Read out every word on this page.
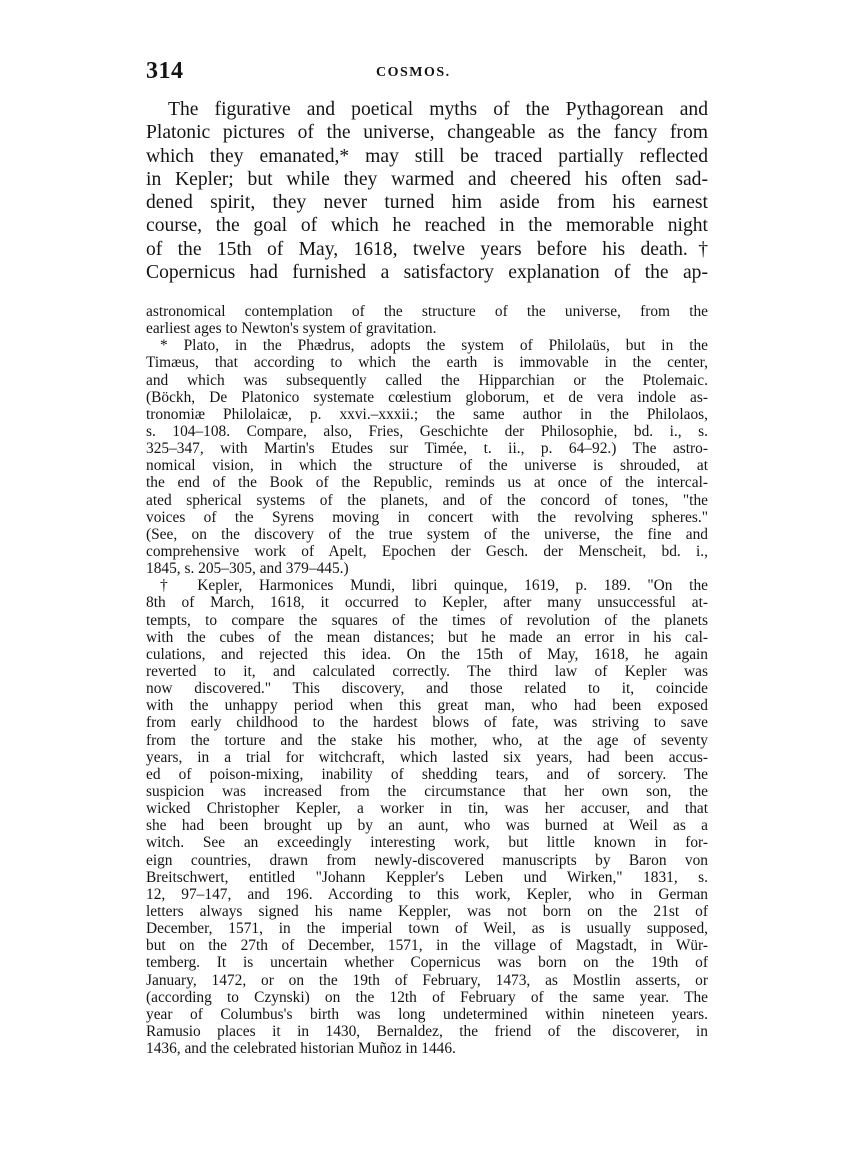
314	COSMOS.
The figurative and poetical myths of the Pythagorean and
Platonic pictures of the universe, changeable as the fancy from
which they emanated,* may still be traced partially reflected
in Kepler; but while they warmed and cheered his often sad-
dened spirit, they never turned him aside from his earnest
course, the goal of which he reached in the memorable night
of the 15th of May, 1618, twelve years before his death.†
Copernicus had furnished a satisfactory explanation of the ap-
astronomical contemplation of the structure of the universe, from the
earliest ages to Newton's system of gravitation.
* Plato, in the Phædrus, adopts the system of Philolaüs, but in the
Timæus, that according to which the earth is immovable in the center,
and which was subsequently called the Hipparchian or the Ptolemaic.
(Böckh, De Platonico systemate cœlestium globorum, et de vera indole as-
tronomiæ Philolaicæ, p. xxvi.–xxxii.; the same author in the Philolaos,
s. 104–108. Compare, also, Fries, Geschichte der Philosophie, bd. i., s.
325–347, with Martin's Etudes sur Timée, t. ii., p. 64–92.) The astro-
nomical vision, in which the structure of the universe is shrouded, at
the end of the Book of the Republic, reminds us at once of the intercal-
ated spherical systems of the planets, and of the concord of tones, "the
voices of the Syrens moving in concert with the revolving spheres."
(See, on the discovery of the true system of the universe, the fine and
comprehensive work of Apelt, Epochen der Gesch. der Menscheit, bd. i.,
1845, s. 205–305, and 379–445.)
† Kepler, Harmonices Mundi, libri quinque, 1619, p. 189. "On the
8th of March, 1618, it occurred to Kepler, after many unsuccessful at-
tempts, to compare the squares of the times of revolution of the planets
with the cubes of the mean distances; but he made an error in his cal-
culations, and rejected this idea. On the 15th of May, 1618, he again
reverted to it, and calculated correctly. The third law of Kepler was
now discovered." This discovery, and those related to it, coincide
with the unhappy period when this great man, who had been exposed
from early childhood to the hardest blows of fate, was striving to save
from the torture and the stake his mother, who, at the age of seventy
years, in a trial for witchcraft, which lasted six years, had been accus-
ed of poison-mixing, inability of shedding tears, and of sorcery. The
suspicion was increased from the circumstance that her own son, the
wicked Christopher Kepler, a worker in tin, was her accuser, and that
she had been brought up by an aunt, who was burned at Weil as a
witch. See an exceedingly interesting work, but little known in for-
eign countries, drawn from newly-discovered manuscripts by Baron von
Breitschwert, entitled "Johann Keppler's Leben und Wirken," 1831, s.
12, 97–147, and 196. According to this work, Kepler, who in German
letters always signed his name Keppler, was not born on the 21st of
December, 1571, in the imperial town of Weil, as is usually supposed,
but on the 27th of December, 1571, in the village of Magstadt, in Wür-
temberg. It is uncertain whether Copernicus was born on the 19th of
January, 1472, or on the 19th of February, 1473, as Mostlin asserts, or
(according to Czynski) on the 12th of February of the same year. The
year of Columbus's birth was long undetermined within nineteen years.
Ramusio places it in 1430, Bernaldez, the friend of the discoverer, in
1436, and the celebrated historian Muñoz in 1446.
